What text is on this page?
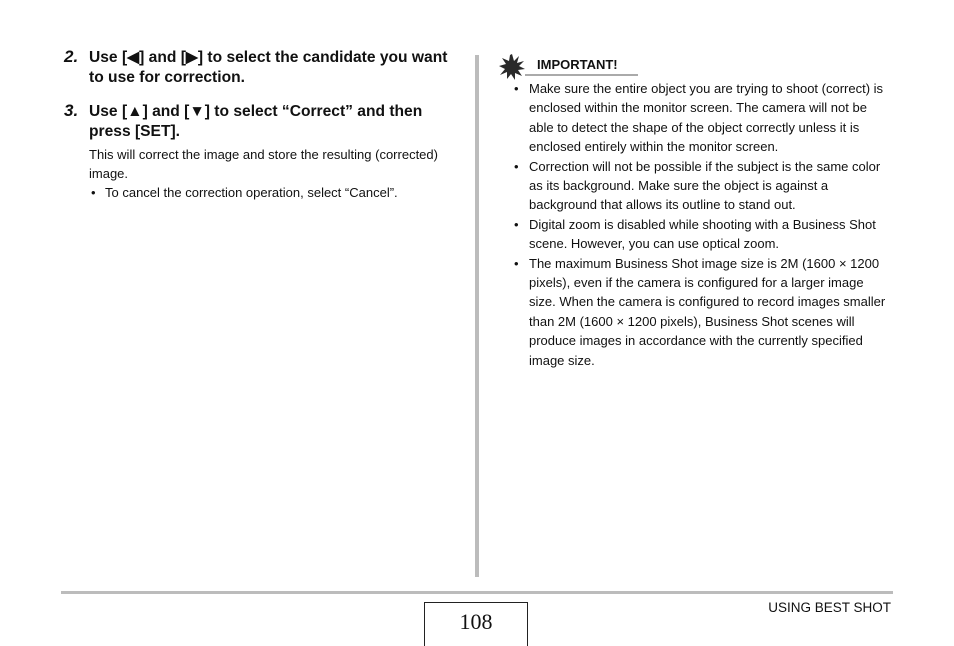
2. Use [◀] and [▶] to select the candidate you want to use for correction.
3. Use [▲] and [▼] to select “Correct” and then press [SET].
This will correct the image and store the resulting (corrected) image.
• To cancel the correction operation, select “Cancel”.
IMPORTANT!
• Make sure the entire object you are trying to shoot (correct) is enclosed within the monitor screen. The camera will not be able to detect the shape of the object correctly unless it is enclosed entirely within the monitor screen.
• Correction will not be possible if the subject is the same color as its background. Make sure the object is against a background that allows its outline to stand out.
• Digital zoom is disabled while shooting with a Business Shot scene. However, you can use optical zoom.
• The maximum Business Shot image size is 2M (1600 × 1200 pixels), even if the camera is configured for a larger image size. When the camera is configured to record images smaller than 2M (1600 × 1200 pixels), Business Shot scenes will produce images in accordance with the currently specified image size.
108
USING BEST SHOT
